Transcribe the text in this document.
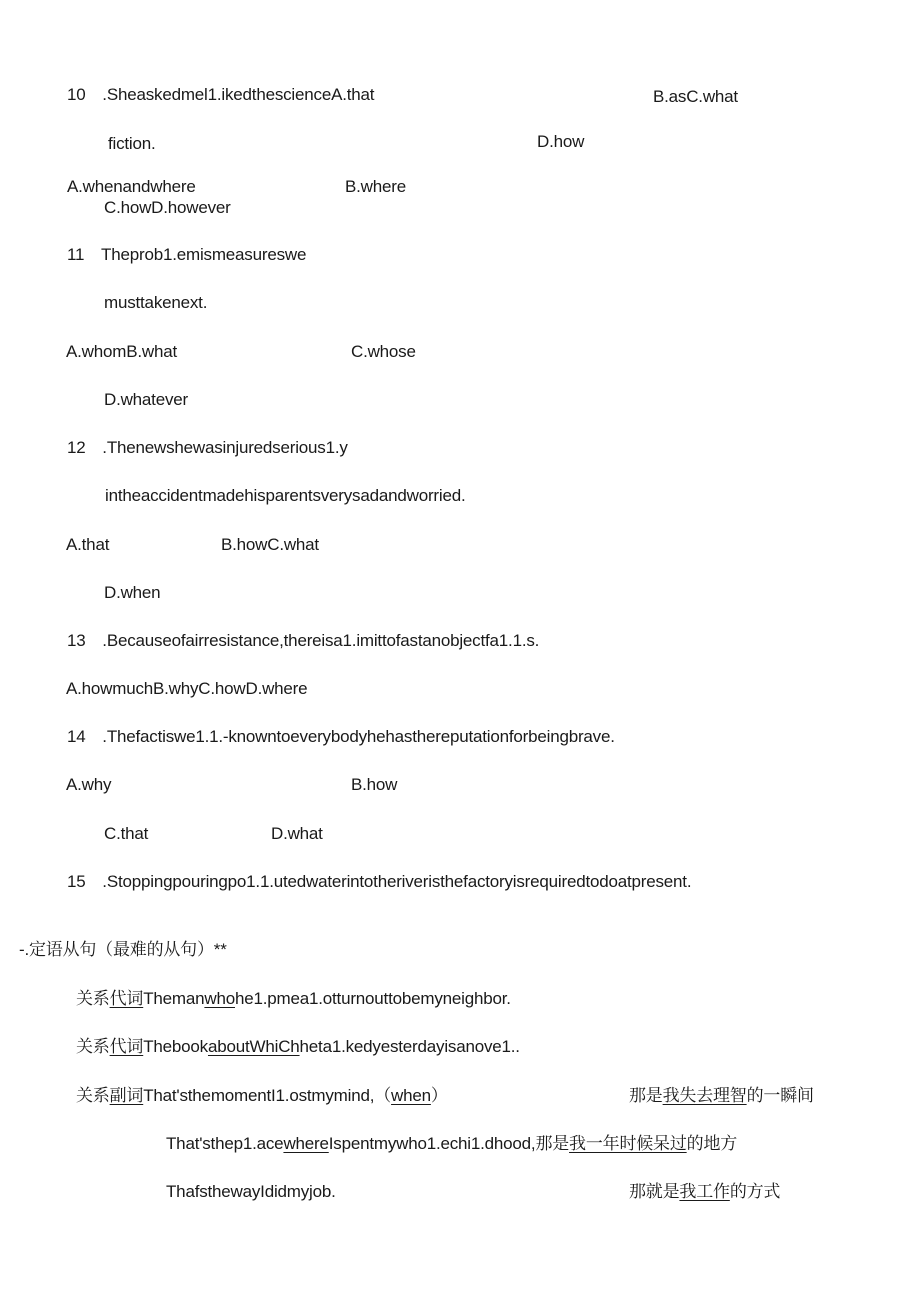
10　.Sheaskedmel1.ikedthescienceA.that	B.asC.what
fiction.	D.how
A.whenandwhere	B.where
C.howD.however
11　Theprob1.emismeasureswe
musttakenext.
A.whomB.what	C.whose
D.whatever
12　.Thenewshewasinjuredserious1.y
intheaccidentmadehisparentsverysadandworried.
A.that	B.howC.what
D.when
13　.Becauseofairresistance,thereisa1.imittofastanobjectfa1.1.s.
A.howmuchB.whyC.howD.where
14　.Thefactiswe1.1.-knowntoeverybodyhehasthereputationforbeingbrave.
A.why	B.how
C.that	D.what
15　.Stoppingpouringpo1.1.utedwaterintotheriveristhefactoryisrequiredtodoatpresent.
-.定语从句（最难的从句）**
关系代词Themanwhohe1.pmea1.otturnouttobemyneighbor.
关系代词ThebookaboutWhiChheta1.kedyesterdayisanove1..
关系副词That'sthemomentI1.ostmymind,（when）	那是我失去理智的一瞬间
That'sthep1.acewhereIspentmywho1.echi1.dhood,那是我一年时候呆过的地方
ThafsthewayIdidmyjob.	那就是我工作的方式
